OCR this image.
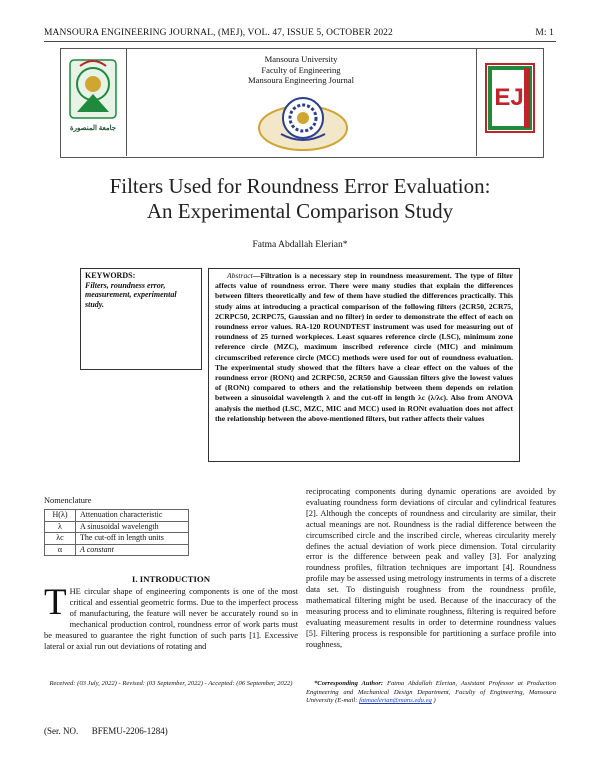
MANSOURA ENGINEERING JOURNAL, (MEJ), VOL. 47, ISSUE 5, OCTOBER 2022	M: 1
جامعة المنصورة
Mansoura University
Faculty of Engineering
Mansoura Engineering Journal
EJ
Filters Used for Roundness Error Evaluation:
An Experimental Comparison Study
Fatma Abdallah Elerian*
KEYWORDS:
Filters, roundness error, measurement, experimental study.
Abstract—Filtration is a necessary step in roundness measurement. The type of filter affects value of roundness error. There were many studies that explain the differences between filters theoretically and few of them have studied the differences practically. This study aims at introducing a practical comparison of the following filters (2CR50, 2CR75, 2CRPC50, 2CRPC75, Gaussian and no filter) in order to demonstrate the effect of each on roundness error values. RA-120 ROUNDTEST instrument was used for measuring out of roundness of 25 turned workpieces. Least squares reference circle (LSC), minimum zone reference circle (MZC), maximum inscribed reference circle (MIC) and minimum circumscribed reference circle (MCC) methods were used for out of roundness evaluation. The experimental study showed that the filters have a clear effect on the values of the roundness error (RONt) and 2CRPC50, 2CR50 and Gaussian filters give the lowest values of (RONt) compared to others and the relationship between them depends on relation between a sinusoidal wavelength λ and the cut-off in length λc (λ/λc). Also from ANOVA analysis the method (LSC, MZC, MIC and MCC) used in RONt evaluation does not affect the relationship between the above-mentioned filters, but rather affects their values
Nomenclature
H(λ)	Attenuation characteristic
λ	A sinusoidal wavelength
λc	The cut-off in length units
α	A constant
I. INTRODUCTION
THE circular shape of engineering components is one of the most critical and essential geometric forms. Due to the imperfect process of manufacturing, the feature will never be accurately round so in mechanical production control, roundness error of work parts must be measured to guarantee the right function of such parts [1]. Excessive lateral or axial run out deviations of rotating and
reciprocating components during dynamic operations are avoided by evaluating roundness form deviations of circular and cylindrical features [2]. Although the concepts of roundness and circularity are similar, their actual meanings are not. Roundness is the radial difference between the circumscribed circle and the inscribed circle, whereas circularity merely defines the actual deviation of work piece dimension. Total circularity error is the difference between peak and valley [3]. For analyzing roundness profiles, filtration techniques are important [4]. Roundness profile may be assessed using metrology instruments in terms of a discrete data set. To distinguish roughness from the roundness profile, mathematical filtering might be used. Because of the inaccuracy of the measuring process and to eliminate roughness, filtering is required before evaluating measurement results in order to determine roundness values [5]. Filtering process is responsible for partitioning a surface profile into roughness,
Received: (03 July, 2022) - Revised: (03 September, 2022) - Accepted: (06 September, 2022)	*Corresponding Author: Fatma Abdallah Elerian, Assistant Professor at Production Engineering and Mechanical Design Department, Faculty of Engineering, Mansoura University (E-mail: fatmaelerian@mans.edu.eg )
(Ser. NO.      BFEMU-2206-1284)
